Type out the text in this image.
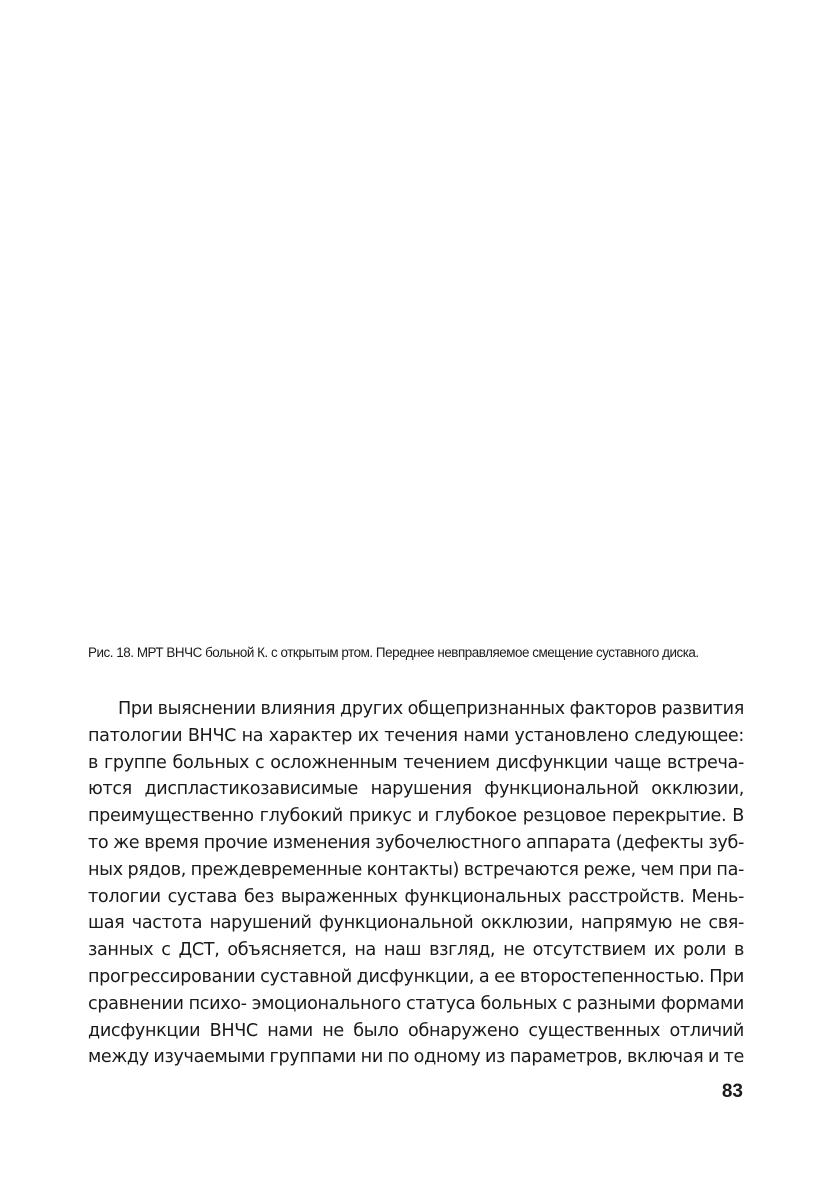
Рис. 18. МРТ ВНЧС больной К. с открытым ртом. Переднее невправляемое смещение суставного диска.
При выяснении влияния других общепризнанных факторов развития
патологии ВНЧС на характер их течения нами установлено следующее:
в группе больных с осложненным течением дисфункции чаще встреча-
ются диспластикозависимые нарушения функциональной окклюзии,
преимущественно глубокий прикус и глубокое резцовое перекрытие. В
то же время прочие изменения зубочелюстного аппарата (дефекты зуб-
ных рядов, преждевременные контакты) встречаются реже, чем при па-
тологии сустава без выраженных функциональных расстройств. Мень-
шая частота нарушений функциональной окклюзии, напрямую не свя-
занных с ДСТ, объясняется, на наш взгляд, не отсутствием их роли в
прогрессировании суставной дисфункции, а ее второстепенностью. При
сравнении психо- эмоционального статуса больных с разными формами
дисфункции ВНЧС нами не было обнаружено существенных отличий
между изучаемыми группами ни по одному из параметров, включая и те
83
